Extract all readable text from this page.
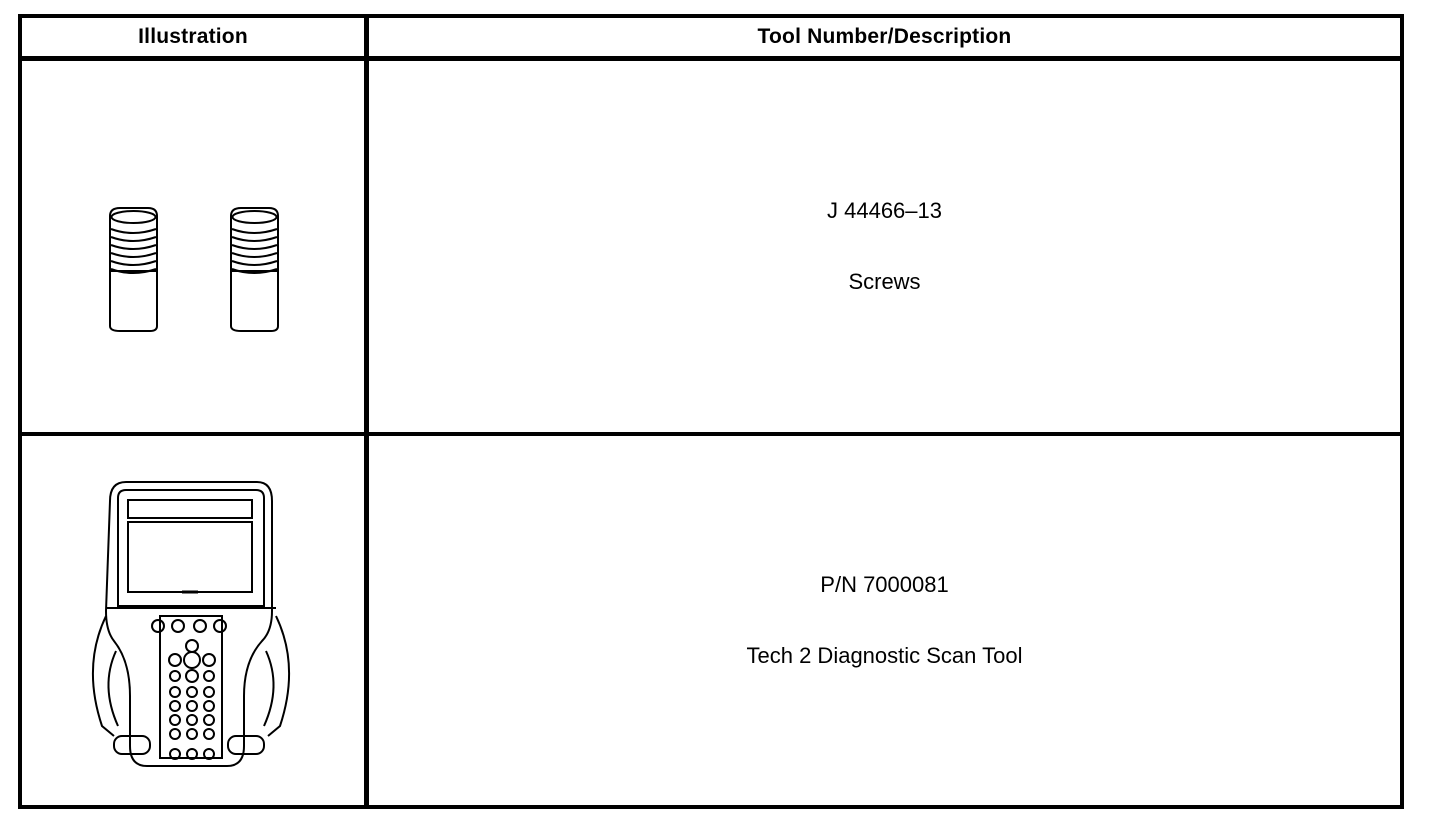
Illustration	Tool Number/Description
J 44466–13
Screws
P/N 7000081
Tech 2 Diagnostic Scan Tool
